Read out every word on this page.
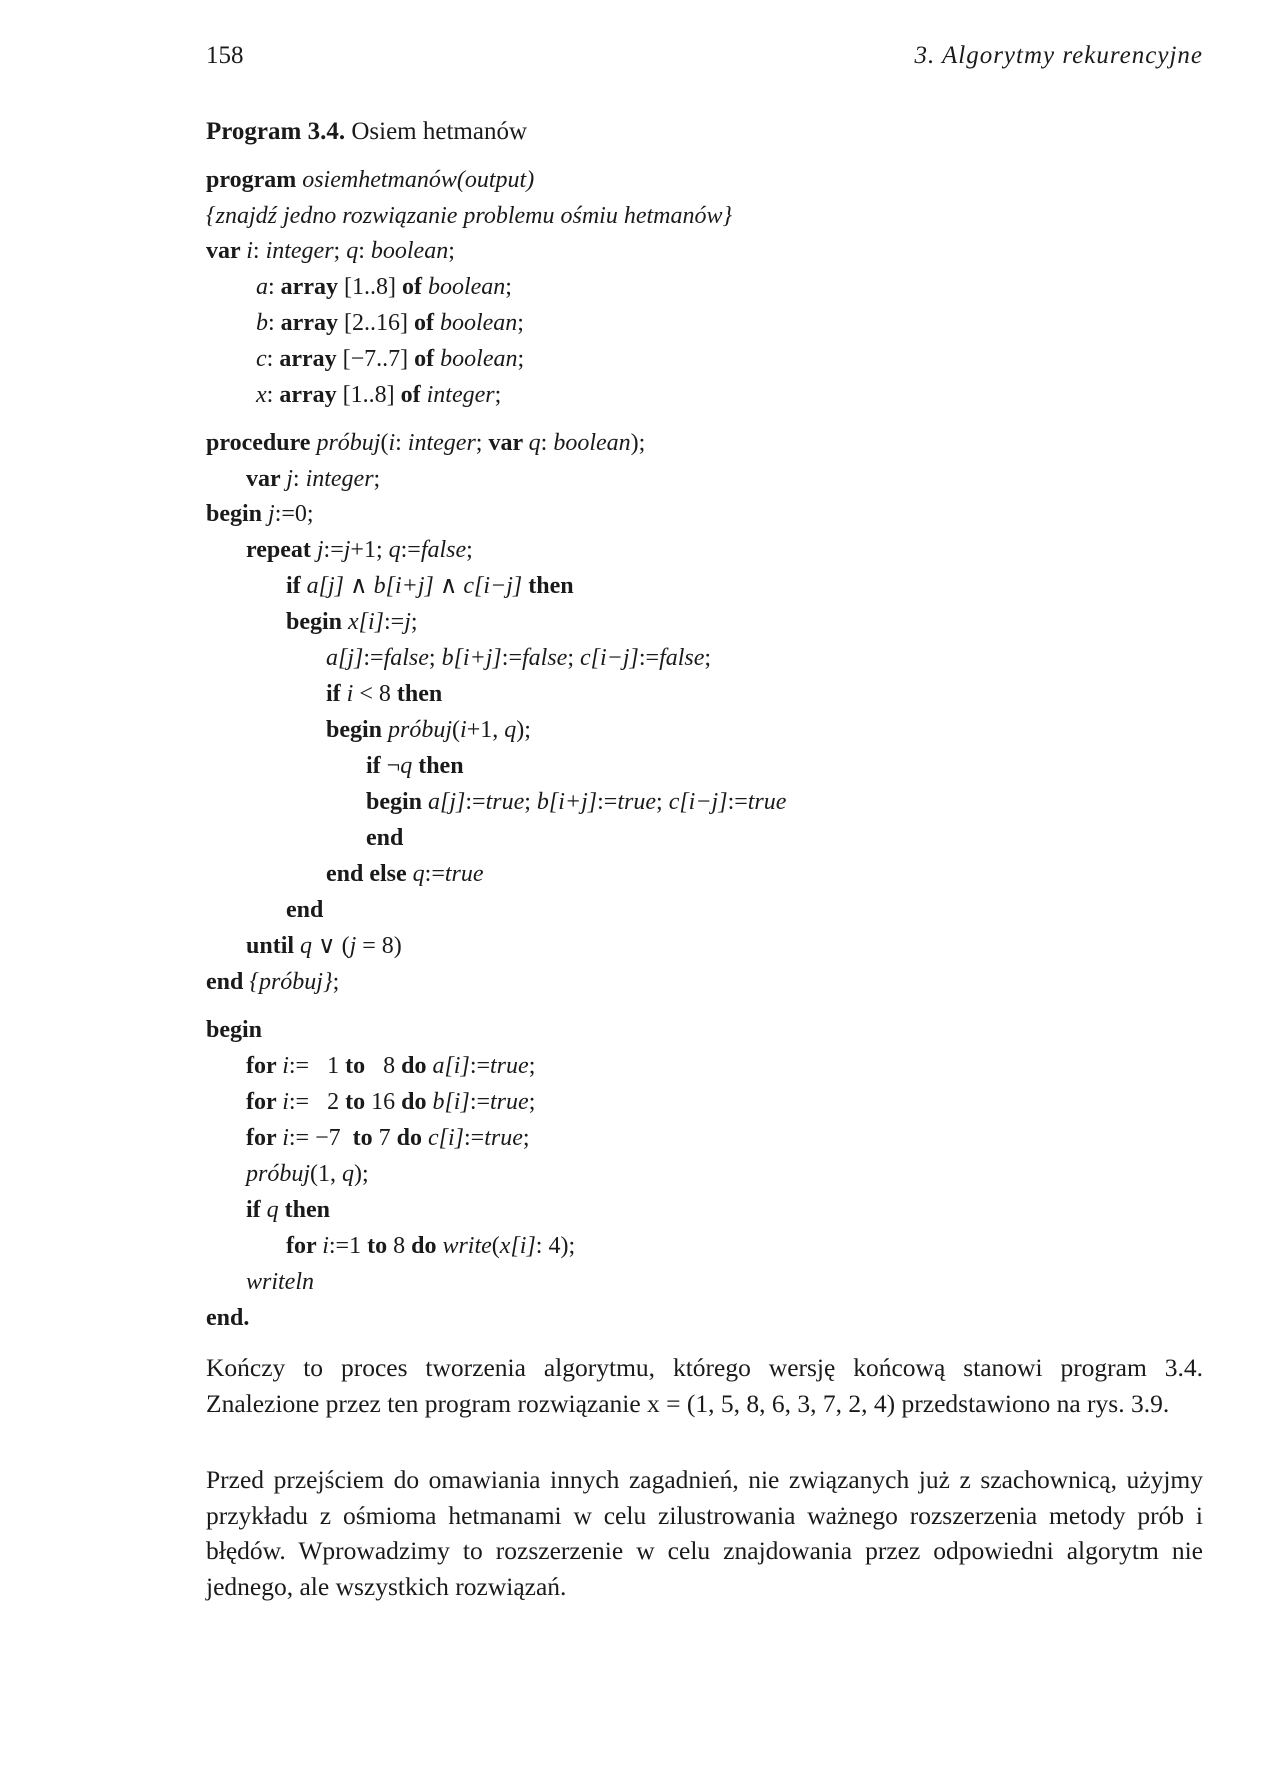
158	3. Algorytmy rekurencyjne
Program 3.4. Osiem hetmanów
program osiemhetmanów(output)
{znajdź jedno rozwiązanie problemu ośmiu hetmanów}
var i: integer; q: boolean;
a: array [1..8] of boolean;
b: array [2..16] of boolean;
c: array [−7..7] of boolean;
x: array [1..8] of integer;
procedure próbuj(i: integer; var q: boolean);
var j: integer;
begin j:=0;
repeat j:=j+1; q:=false;
if a[j] ∧ b[i+j] ∧ c[i−j] then
begin x[i]:=j;
a[j]:=false; b[i+j]:=false; c[i−j]:=false;
if i < 8 then
begin próbuj(i+1, q);
if ¬q then
begin a[j]:=true; b[i+j]:=true; c[i−j]:=true
end
end else q:=true
end
until q ∨ (j = 8)
end {próbuj};
begin
for i:=   1 to   8 do a[i]:=true;
for i:=   2 to 16 do b[i]:=true;
for i:= −7  to 7 do c[i]:=true;
próbuj(1, q);
if q then
for i:=1 to 8 do write(x[i]: 4);
writeln
end.
Kończy to proces tworzenia algorytmu, którego wersję końcową stanowi program 3.4. Znalezione przez ten program rozwiązanie x = (1, 5, 8, 6, 3, 7, 2, 4) przedstawiono na rys. 3.9.
Przed przejściem do omawiania innych zagadnień, nie związanych już z szachownicą, użyjmy przykładu z ośmioma hetmanami w celu zilustrowania ważnego rozszerzenia metody prób i błędów. Wprowadzimy to rozszerzenie w celu znajdowania przez odpowiedni algorytm nie jednego, ale wszystkich rozwiązań.
